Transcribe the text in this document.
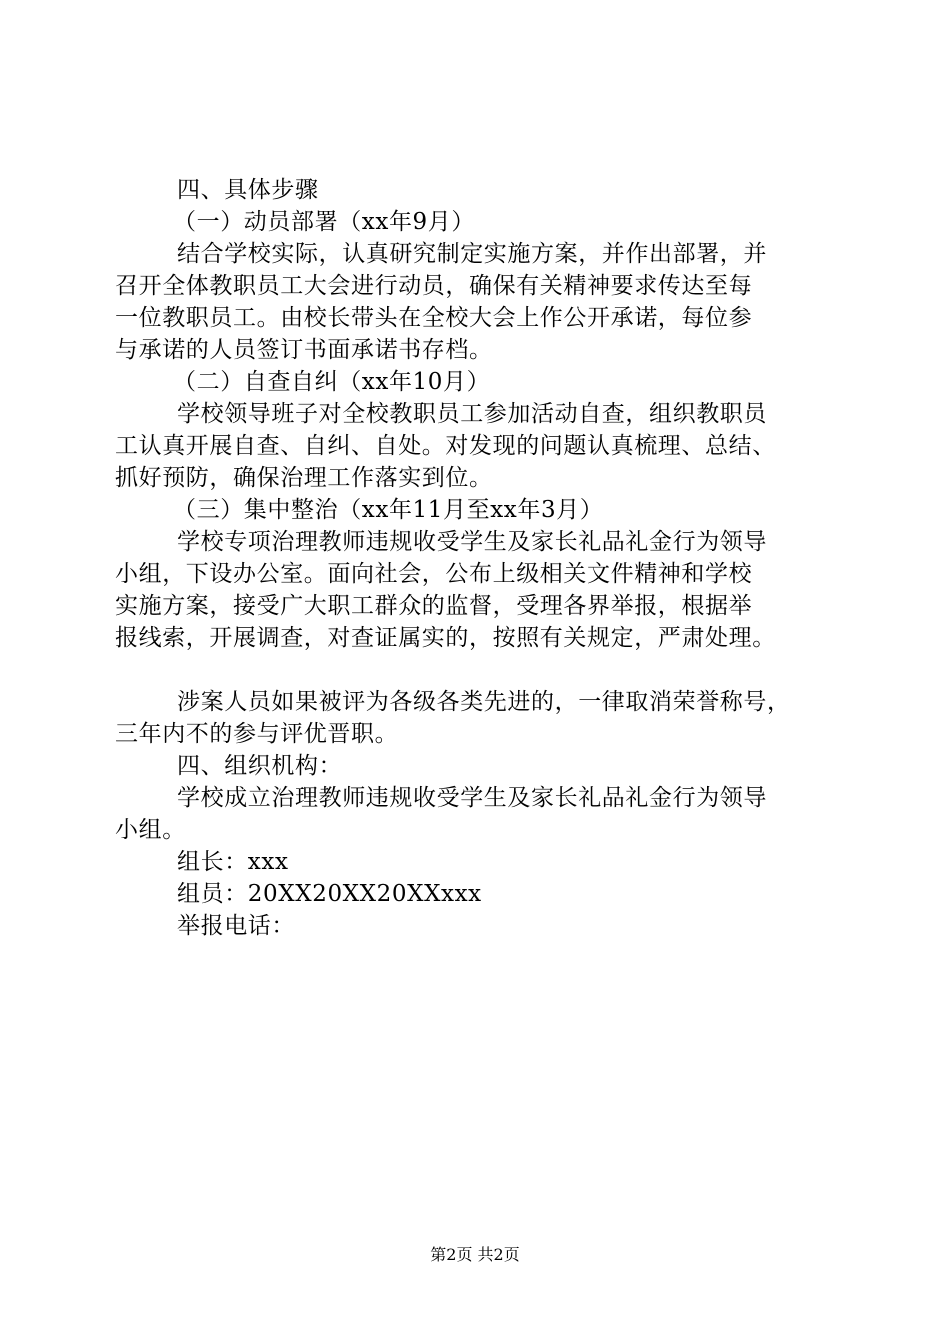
四、具体步骤
（一）动员部署（xx年9月）
结合学校实际，认真研究制定实施方案，并作出部署，并
召开全体教职员工大会进行动员，确保有关精神要求传达至每
一位教职员工。由校长带头在全校大会上作公开承诺，每位参
与承诺的人员签订书面承诺书存档。
（二）自查自纠（xx年10月）
学校领导班子对全校教职员工参加活动自查，组织教职员
工认真开展自查、自纠、自处。对发现的问题认真梳理、总结、
抓好预防，确保治理工作落实到位。
（三）集中整治（xx年11月至xx年3月）
学校专项治理教师违规收受学生及家长礼品礼金行为领导
小组，下设办公室。面向社会，公布上级相关文件精神和学校
实施方案，接受广大职工群众的监督，受理各界举报，根据举
报线索，开展调查，对查证属实的，按照有关规定，严肃处理。
涉案人员如果被评为各级各类先进的，一律取消荣誉称号，
三年内不的参与评优晋职。
四、组织机构：
学校成立治理教师违规收受学生及家长礼品礼金行为领导
小组。
组长：xxx
组员：20XX20XX20XXxxx
举报电话：
第2页 共2页
